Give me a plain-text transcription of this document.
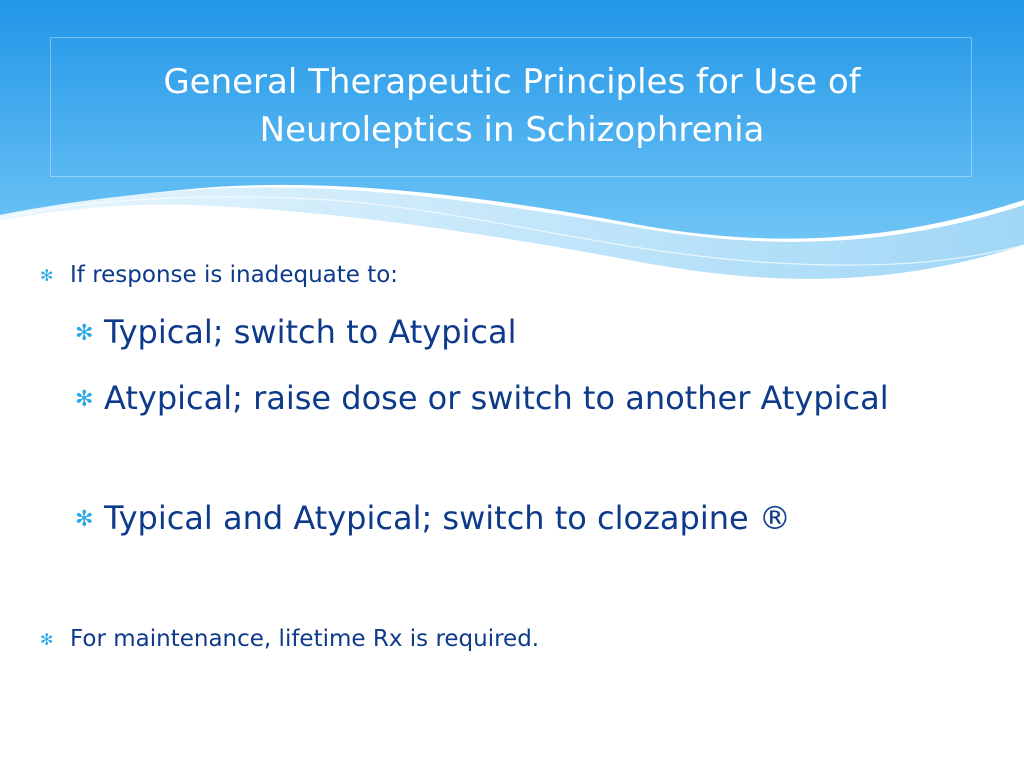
General Therapeutic Principles for Use of Neuroleptics in Schizophrenia
✻ If response is inadequate to:
✻ Typical; switch to Atypical
✻ Atypical; raise dose or switch to another Atypical
✻ Typical and Atypical; switch to clozapine ®
✻ For maintenance, lifetime Rx is required.
